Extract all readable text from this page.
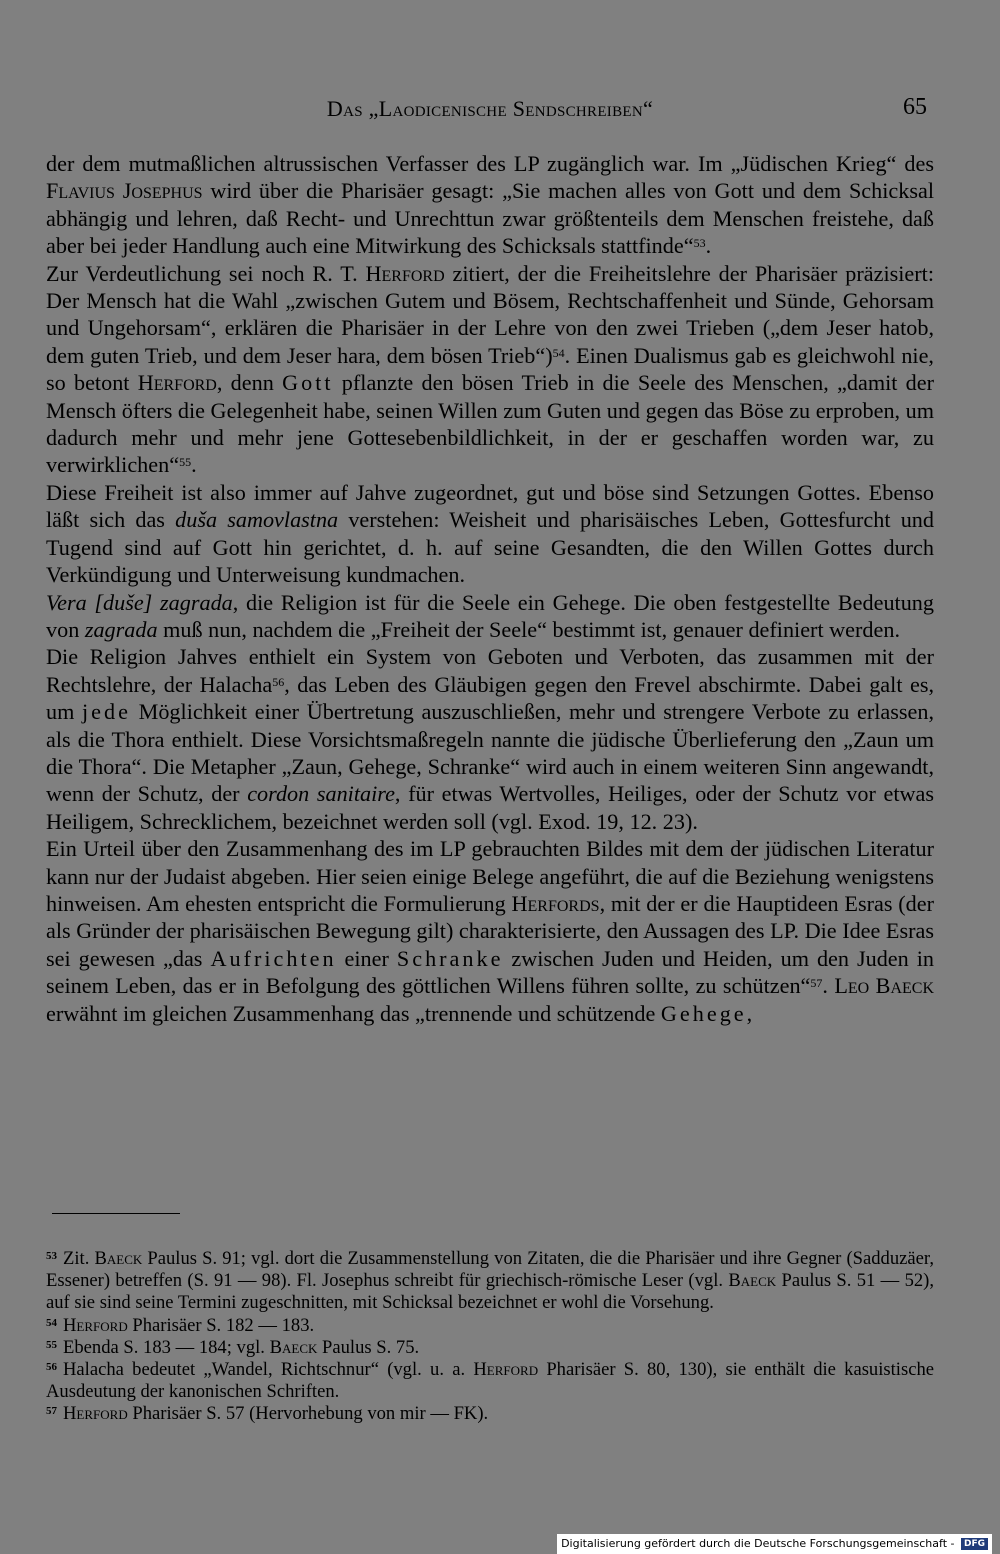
Das „Laodicenische Sendschreiben“	65

der dem mutmaßlichen altrussischen Verfasser des LP zugänglich war. Im „Jüdischen Krieg“ des Flavius Josephus wird über die Pharisäer gesagt: „Sie machen alles von Gott und dem Schicksal abhängig und lehren, daß Recht- und Unrechttun zwar größtenteils dem Menschen freistehe, daß aber bei jeder Handlung auch eine Mitwirkung des Schicksals stattfinde“$^{53}$.

Zur Verdeutlichung sei noch R. T. Herford zitiert, der die Freiheitslehre der Pharisäer präzisiert: Der Mensch hat die Wahl „zwischen Gutem und Bösem, Rechtschaffenheit und Sünde, Gehorsam und Ungehorsam“, erklären die Pharisäer in der Lehre von den zwei Trieben („dem Jeser hatob, dem guten Trieb, und dem Jeser hara, dem bösen Trieb“)$^{54}$. Einen Dualismus gab es gleichwohl nie, so betont Herford, denn Gott pflanzte den bösen Trieb in die Seele des Menschen, „damit der Mensch öfters die Gelegenheit habe, seinen Willen zum Guten und gegen das Böse zu erproben, um dadurch mehr und mehr jene Gottesebenbildlichkeit, in der er geschaffen worden war, zu verwirklichen“$^{55}$.

Diese Freiheit ist also immer auf Jahve zugeordnet, gut und böse sind Setzungen Gottes. Ebenso läßt sich das duša samovlastna verstehen: Weisheit und pharisäisches Leben, Gottesfurcht und Tugend sind auf Gott hin gerichtet, d. h. auf seine Gesandten, die den Willen Gottes durch Verkündigung und Unterweisung kundmachen.

Vera [duše] zagrada, die Religion ist für die Seele ein Gehege. Die oben festgestellte Bedeutung von zagrada muß nun, nachdem die „Freiheit der Seele“ bestimmt ist, genauer definiert werden.

Die Religion Jahves enthielt ein System von Geboten und Verboten, das zusammen mit der Rechtslehre, der Halacha$^{56}$, das Leben des Gläubigen gegen den Frevel abschirmte. Dabei galt es, um jede Möglichkeit einer Übertretung auszuschließen, mehr und strengere Verbote zu erlassen, als die Thora enthielt. Diese Vorsichtsmaßregeln nannte die jüdische Überlieferung den „Zaun um die Thora“. Die Metapher „Zaun, Gehege, Schranke“ wird auch in einem weiteren Sinn angewandt, wenn der Schutz, der cordon sanitaire, für etwas Wertvolles, Heiliges, oder der Schutz vor etwas Heiligem, Schrecklichem, bezeichnet werden soll (vgl. Exod. 19, 12. 23).

Ein Urteil über den Zusammenhang des im LP gebrauchten Bildes mit dem der jüdischen Literatur kann nur der Judaist abgeben. Hier seien einige Belege angeführt, die auf die Beziehung wenigstens hinweisen. Am ehesten entspricht die Formulierung Herfords, mit der er die Hauptideen Esras (der als Gründer der pharisäischen Bewegung gilt) charakterisierte, den Aussagen des LP. Die Idee Esras sei gewesen „das Aufrichten einer Schranke zwischen Juden und Heiden, um den Juden in seinem Leben, das er in Befolgung des göttlichen Willens führen sollte, zu schützen“$^{57}$. Leo Baeck erwähnt im gleichen Zusammenhang das „trennende und schützende Gehege,

$^{53}$ Zit. Baeck Paulus S. 91; vgl. dort die Zusammenstellung von Zitaten, die die Pharisäer und ihre Gegner (Sadduzäer, Essener) betreffen (S. 91 — 98). Fl. Josephus schreibt für griechisch-römische Leser (vgl. Baeck Paulus S. 51 — 52), auf sie sind seine Termini zugeschnitten, mit Schicksal bezeichnet er wohl die Vorsehung.

$^{54}$ Herford Pharisäer S. 182 — 183.

$^{55}$ Ebenda S. 183 — 184; vgl. Baeck Paulus S. 75.

$^{56}$ Halacha bedeutet „Wandel, Richtschnur“ (vgl. u. a. Herford Pharisäer S. 80, 130), sie enthält die kasuistische Ausdeutung der kanonischen Schriften.

$^{57}$ Herford Pharisäer S. 57 (Hervorhebung von mir — FK).

Digitalisierung gefördert durch die Deutsche Forschungsgemeinschaft - DFG
